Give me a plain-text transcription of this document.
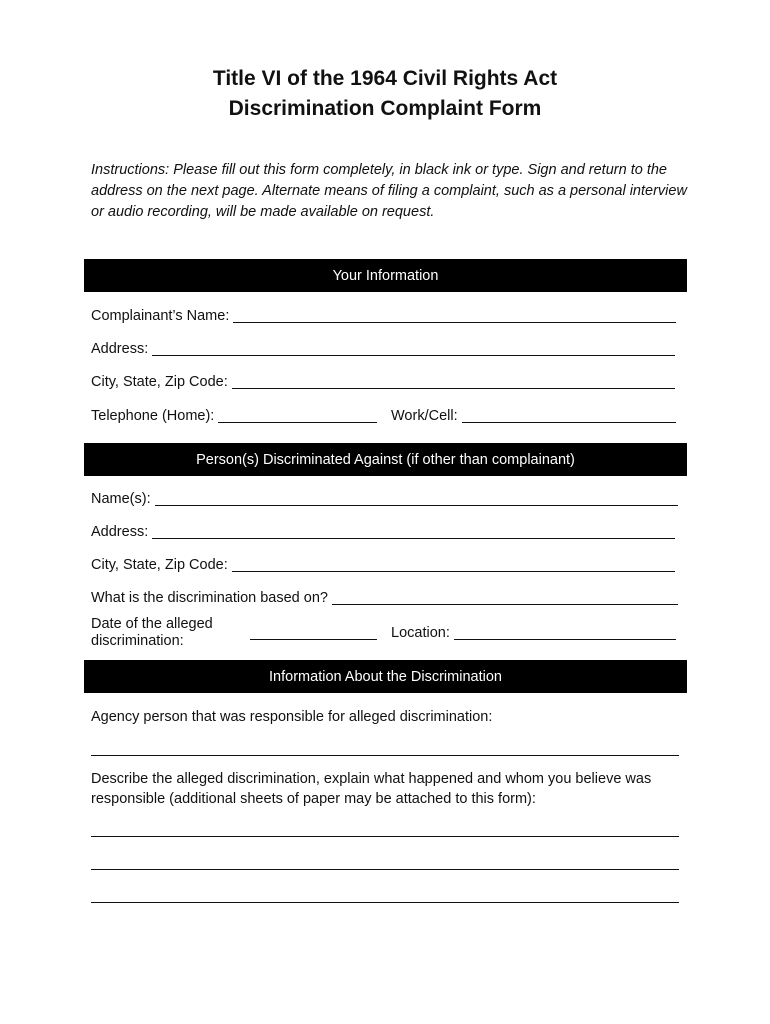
Title VI of the 1964 Civil Rights Act
Discrimination Complaint Form
Instructions: Please fill out this form completely, in black ink or type. Sign and return to the address on the next page. Alternate means of filing a complaint, such as a personal interview or audio recording, will be made available on request.
Your Information
Complainant’s Name:
Address:
City, State, Zip Code:
Telephone (Home):	Work/Cell:
Person(s) Discriminated Against (if other than complainant)
Name(s):
Address:
City, State, Zip Code:
What is the discrimination based on?
Date of the alleged
discrimination:	Location:
Information About the Discrimination
Agency person that was responsible for alleged discrimination:
Describe the alleged discrimination, explain what happened and whom you believe was responsible (additional sheets of paper may be attached to this form):
